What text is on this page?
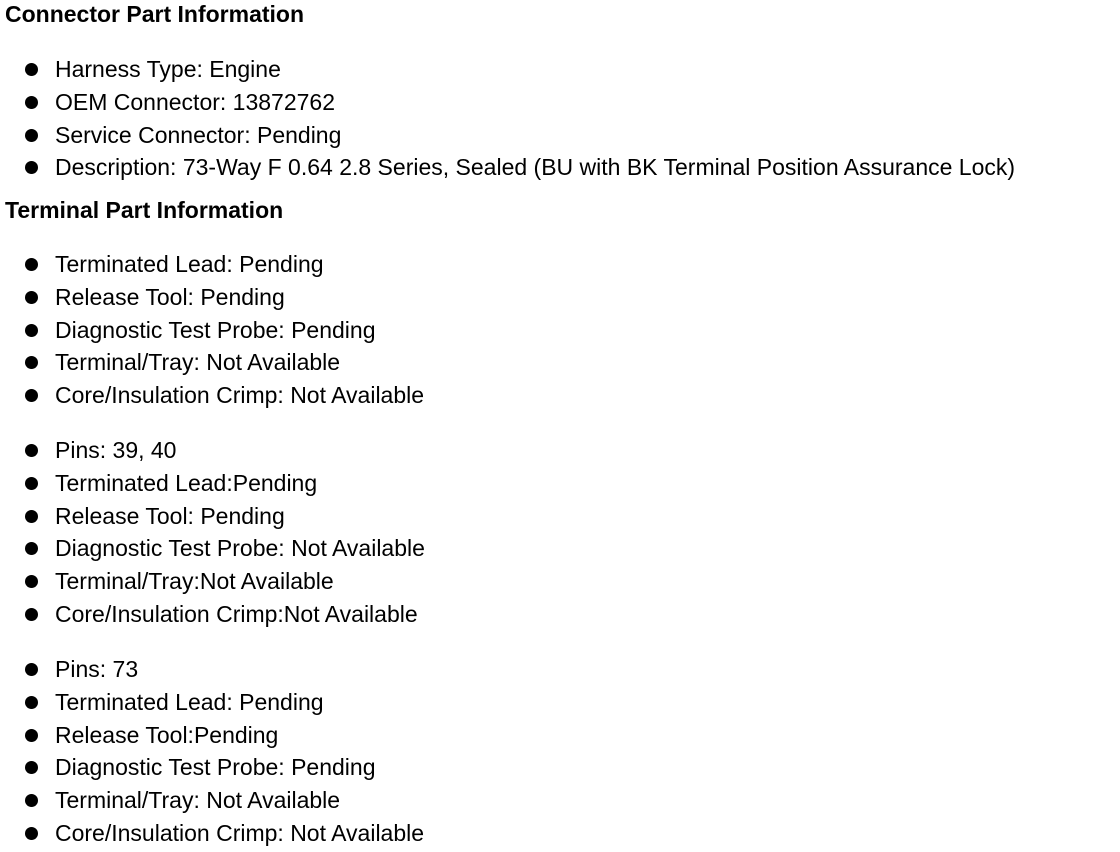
Connector Part Information
Harness Type: Engine
OEM Connector: 13872762
Service Connector: Pending
Description: 73-Way F 0.64 2.8 Series, Sealed (BU with BK Terminal Position Assurance Lock)
Terminal Part Information
Terminated Lead: Pending
Release Tool: Pending
Diagnostic Test Probe: Pending
Terminal/Tray: Not Available
Core/Insulation Crimp: Not Available
Pins: 39, 40
Terminated Lead:Pending
Release Tool: Pending
Diagnostic Test Probe: Not Available
Terminal/Tray:Not Available
Core/Insulation Crimp:Not Available
Pins: 73
Terminated Lead: Pending
Release Tool:Pending
Diagnostic Test Probe: Pending
Terminal/Tray: Not Available
Core/Insulation Crimp: Not Available
